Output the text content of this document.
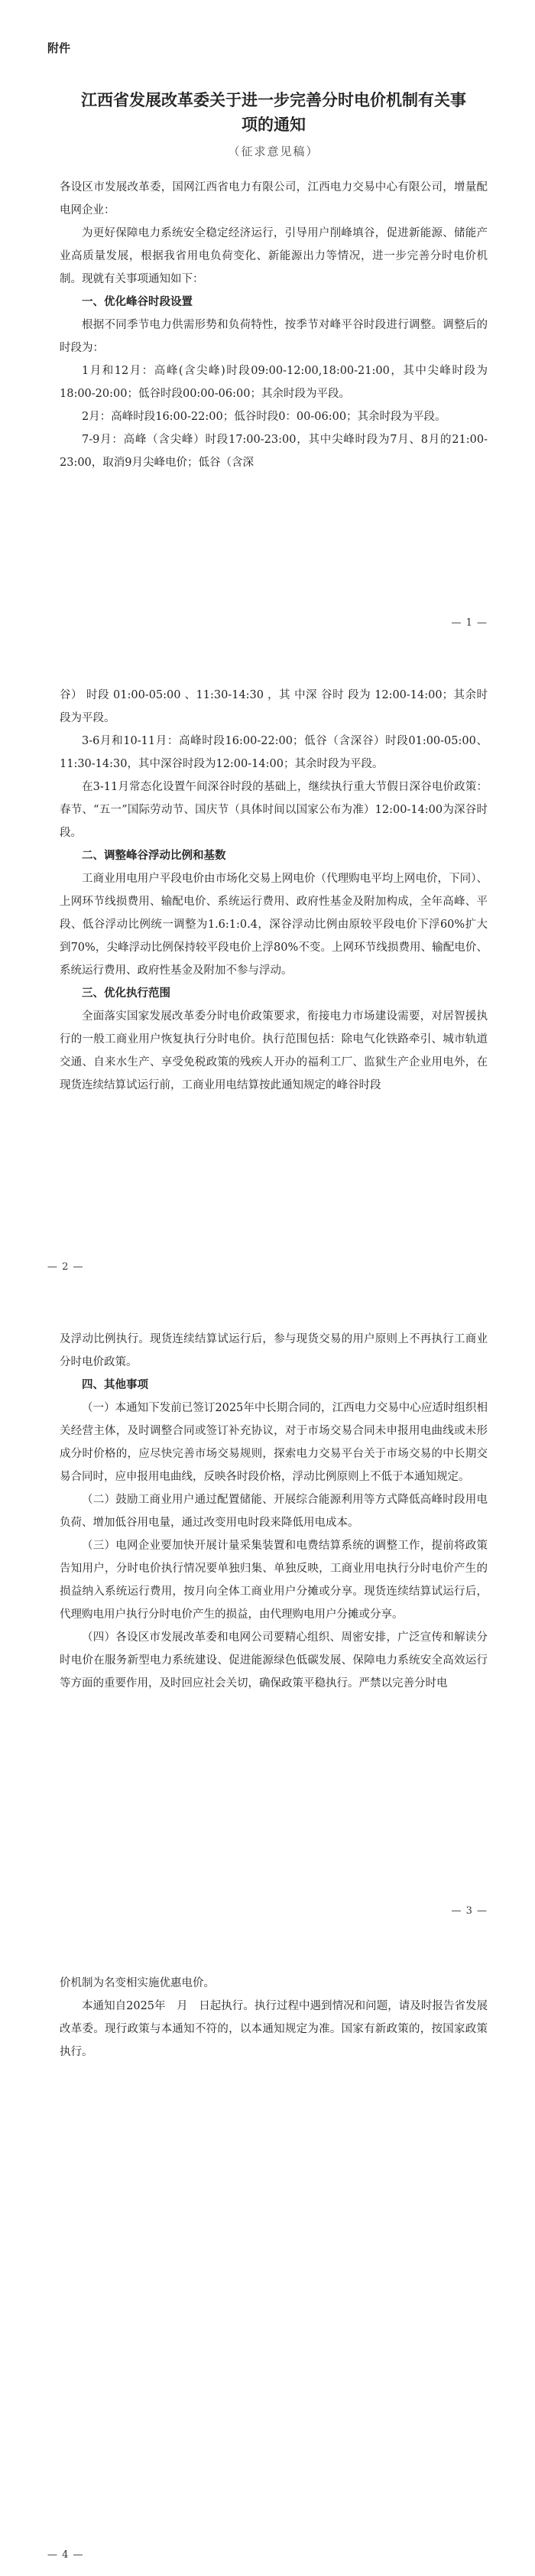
附件
江西省发展改革委关于进一步完善分时电价机制有关事
项的通知
（征求意见稿）

各设区市发展改革委，国网江西省电力有限公司，江西电力交易中心有限公司，增量配电网企业：

为更好保障电力系统安全稳定经济运行，引导用户削峰填谷，促进新能源、储能产业高质量发展，根据我省用电负荷变化、新能源出力等情况，进一步完善分时电价机制。现就有关事项通知如下：

一、优化峰谷时段设置

根据不同季节电力供需形势和负荷特性，按季节对峰平谷时段进行调整。调整后的时段为：

1月和12月：高峰(含尖峰)时段09:00-12:00,18:00-21:00，其中尖峰时段为18:00-20:00；低谷时段00:00-06:00；其余时段为平段。

2月：高峰时段16:00-22:00；低谷时段0：00-06:00；其余时段为平段。

7-9月：高峰（含尖峰）时段17:00-23:00，其中尖峰时段为7月、8月的21:00-23:00，取消9月尖峰电价；低谷（含深

— 1 —

谷） 时段 01:00-05:00 、11:30-14:30 ，其 中深 谷时 段为 12:00-14:00；其余时段为平段。

3-6月和10-11月：高峰时段16:00-22:00；低谷（含深谷）时段01:00-05:00、11:30-14:30，其中深谷时段为12:00-14:00；其余时段为平段。

在3-11月常态化设置午间深谷时段的基础上，继续执行重大节假日深谷电价政策：春节、“五一”国际劳动节、国庆节（具体时间以国家公布为准）12:00-14:00为深谷时段。

二、调整峰谷浮动比例和基数

工商业用电用户平段电价由市场化交易上网电价（代理购电平均上网电价，下同）、上网环节线损费用、输配电价、系统运行费用、政府性基金及附加构成，全年高峰、平段、低谷浮动比例统一调整为1.6:1:0.4，深谷浮动比例由原较平段电价下浮60%扩大到70%，尖峰浮动比例保持较平段电价上浮80%不变。上网环节线损费用、输配电价、系统运行费用、政府性基金及附加不参与浮动。

三、优化执行范围

全面落实国家发展改革委分时电价政策要求，衔接电力市场建设需要，对居智援执行的一般工商业用户恢复执行分时电价。执行范围包括：除电气化铁路牵引、城市轨道交通、自来水生产、享受免税政策的残疾人开办的福利工厂、监狱生产企业用电外，在现货连续结算试运行前，工商业用电结算按此通知规定的峰谷时段

— 2 —

及浮动比例执行。现货连续结算试运行后，参与现货交易的用户原则上不再执行工商业分时电价政策。

四、其他事项

（一）本通知下发前已签订2025年中长期合同的，江西电力交易中心应适时组织相关经营主体，及时调整合同或签订补充协议，对于市场交易合同未申报用电曲线或未形成分时价格的，应尽快完善市场交易规则，探索电力交易平台关于市场交易的中长期交易合同时，应申报用电曲线，反映各时段价格，浮动比例原则上不低于本通知规定。

（二）鼓励工商业用户通过配置储能、开展综合能源利用等方式降低高峰时段用电负荷、增加低谷用电量，通过改变用电时段来降低用电成本。

（三）电网企业要加快开展计量采集装置和电费结算系统的调整工作，提前将政策告知用户，分时电价执行情况要单独归集、单独反映，工商业用电执行分时电价产生的损益纳入系统运行费用，按月向全体工商业用户分摊或分享。现货连续结算试运行后，代理购电用户执行分时电价产生的损益，由代理购电用户分摊或分享。

（四）各设区市发展改革委和电网公司要精心组织、周密安排，广泛宣传和解读分时电价在服务新型电力系统建设、促进能源绿色低碳发展、保障电力系统安全高效运行等方面的重要作用，及时回应社会关切，确保政策平稳执行。严禁以完善分时电

— 3 —

价机制为名变相实施优惠电价。

本通知自2025年　月　日起执行。执行过程中遇到情况和问题，请及时报告省发展改革委。现行政策与本通知不符的，以本通知规定为准。国家有新政策的，按国家政策执行。

— 4 —
